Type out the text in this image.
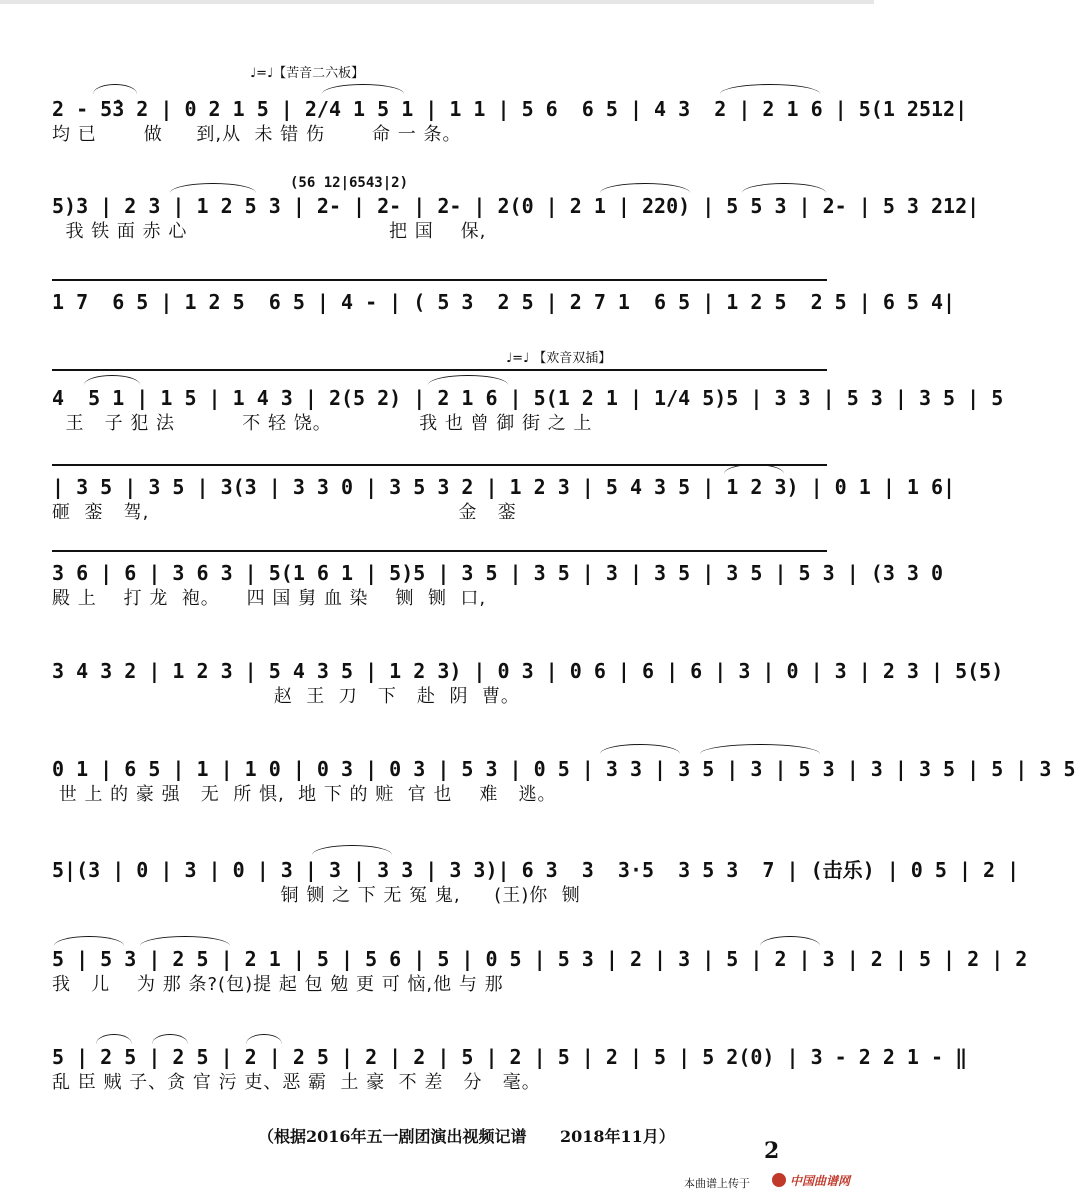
♩=♩【苦音二六板】
2 - 5̂3 2 | 0 2 1 5 | 2/4 1 5 1 | 1 1 | 5 6  6 5 | 4 3  2 | 2 1 6 | 5(1 2512|
均 已       做     到,从  未 错 伤       命 一 条。
(56 12|6543|2)
5)3 | 2 3 | 1 2 5 3 | 2- | 2- | 2- | 2(0 | 2 1 | 220) | 5 5 3 | 2- | 5 3 212|
我 铁 面 赤 心                              把 国    保,
1 7  6 5 | 1 2 5  6 5 | 4 - | ( 5 3  2 5 | 2 7 1  6 5 | 1 2 5  2 5 | 6 5 4|
♩=♩ 【欢音双插】
4  5 1 | 1 5 | 1 4 3 | 2(5 2) | 2 1 6 | 5(1 2 1 | 1/4 5)5 | 3 3 | 5 3 | 3 5 | 5
王   子 犯 法          不 轻 饶。             我 也 曾 御 街 之 上
| 3 5 | 3 5 | 3(3 | 3 3 0 | 3 5 3 2 | 1 2 3 | 5 4 3 5 | 1 2 3) | 0 1 | 1 6|
砸  銮   驾,                                              金   銮
3 6 | 6 | 3 6 3 | 5(1 6 1 | 5)5 | 3 5 | 3 5 | 3 | 3 5 | 3 5 | 5 3 | (3 3 0
殿 上    打 龙  袍。    四 国 舅 血 染    铡  铡  口,
3 4 3 2 | 1 2 3 | 5 4 3 5 | 1 2 3) | 0 3 | 0 6 | 6 | 6 | 3 | 0 | 3 | 2 3 | 5(5)
赵  王  刀   下   赴  阴  曹。
0 1 | 6 5 | 1 | 1 0 | 0 3 | 0 3 | 5 3 | 0 5 | 3 3 | 3 5 | 3 | 5 3 | 3 | 3 5 | 5 | 3 5
世 上 的 豪 强   无  所 惧,  地 下 的 赃  官 也    难   逃。
5|(3 | 0 | 3 | 0 | 3 | 3 | 3 3 | 3 3)| 6 3  3  3·5  3 5 3  7 | (击乐) | 0 5 | 2 |
铜 铡 之 下 无 冤 鬼,     (王)你  铡
5 | 5 3 | 2 5 | 2 1 | 5 | 5 6 | 5 | 0 5 | 5 3 | 2 | 3 | 5 | 2 | 3 | 2 | 5 | 2 | 2
我   儿    为 那 条?(包)提 起 包 勉 更 可 恼,他 与 那
5 | 2 5 | 2 5 | 2 | 2 5 | 2 | 2 | 5 | 2 | 5 | 2 | 5 | 5 2(0) | 3 - 2 2 1 - ‖
乱 臣 贼 子、贪 官 污 吏、恶 霸  土 豪  不 差   分   毫。
（根据2016年五一剧团演出视频记谱      2018年11月）
2
本曲谱上传于	中国曲谱网
